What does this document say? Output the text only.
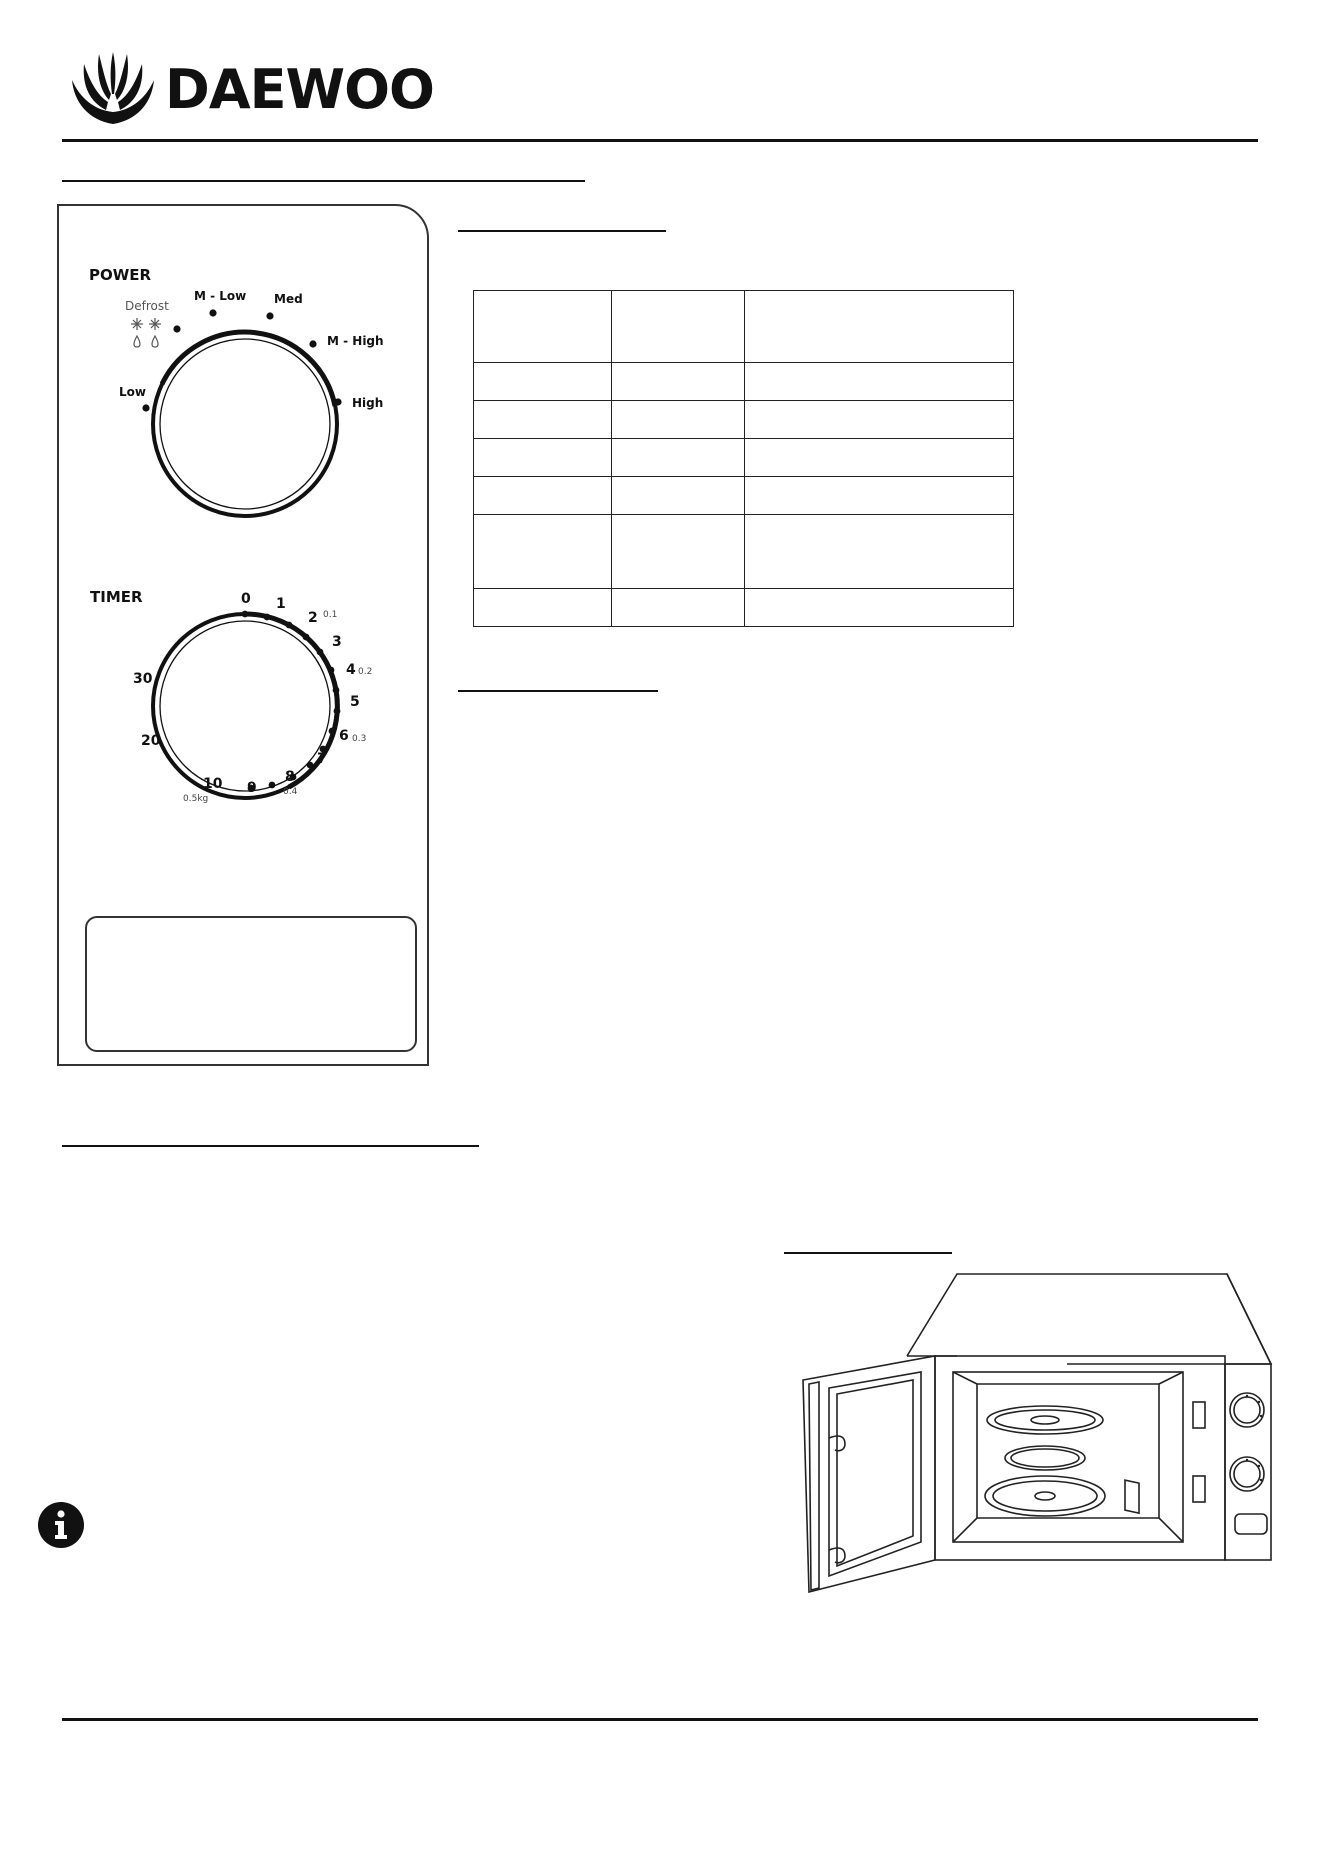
DAEWOO
POWER
TIMER
Low
Defrost
M - Low Med
M - High
High
0 1
2
3
4
5
6
7
8
9
10
20
30
0.1
0.2
0.3
0.4
0.5kg
